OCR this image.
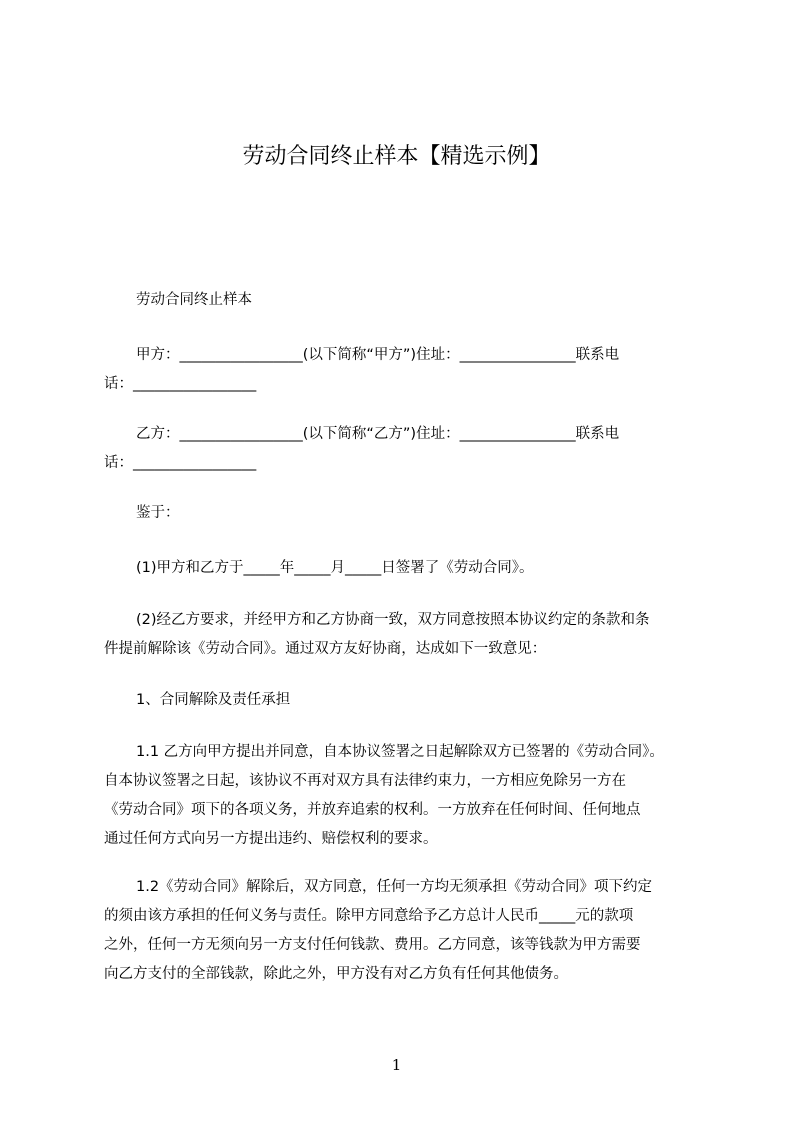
劳动合同终止样本【精选示例】
劳动合同终止样本
甲方：_________________(以下简称“甲方”)住址：________________联系电
话：_________________
乙方：_________________(以下简称“乙方”)住址：________________联系电
话：_________________
鉴于：
(1)甲方和乙方于_____年_____月_____日签署了《劳动合同》。
(2)经乙方要求，并经甲方和乙方协商一致，双方同意按照本协议约定的条款和条
件提前解除该《劳动合同》。通过双方友好协商，达成如下一致意见：
1、合同解除及责任承担
1.1 乙方向甲方提出并同意，自本协议签署之日起解除双方已签署的《劳动合同》。
自本协议签署之日起，该协议不再对双方具有法律约束力，一方相应免除另一方在
《劳动合同》项下的各项义务，并放弃追索的权利。一方放弃在任何时间、任何地点
通过任何方式向另一方提出违约、赔偿权利的要求。
1.2《劳动合同》解除后，双方同意，任何一方均无须承担《劳动合同》项下约定
的须由该方承担的任何义务与责任。除甲方同意给予乙方总计人民币_____元的款项
之外，任何一方无须向另一方支付任何钱款、费用。乙方同意，该等钱款为甲方需要
向乙方支付的全部钱款，除此之外，甲方没有对乙方负有任何其他债务。
1
